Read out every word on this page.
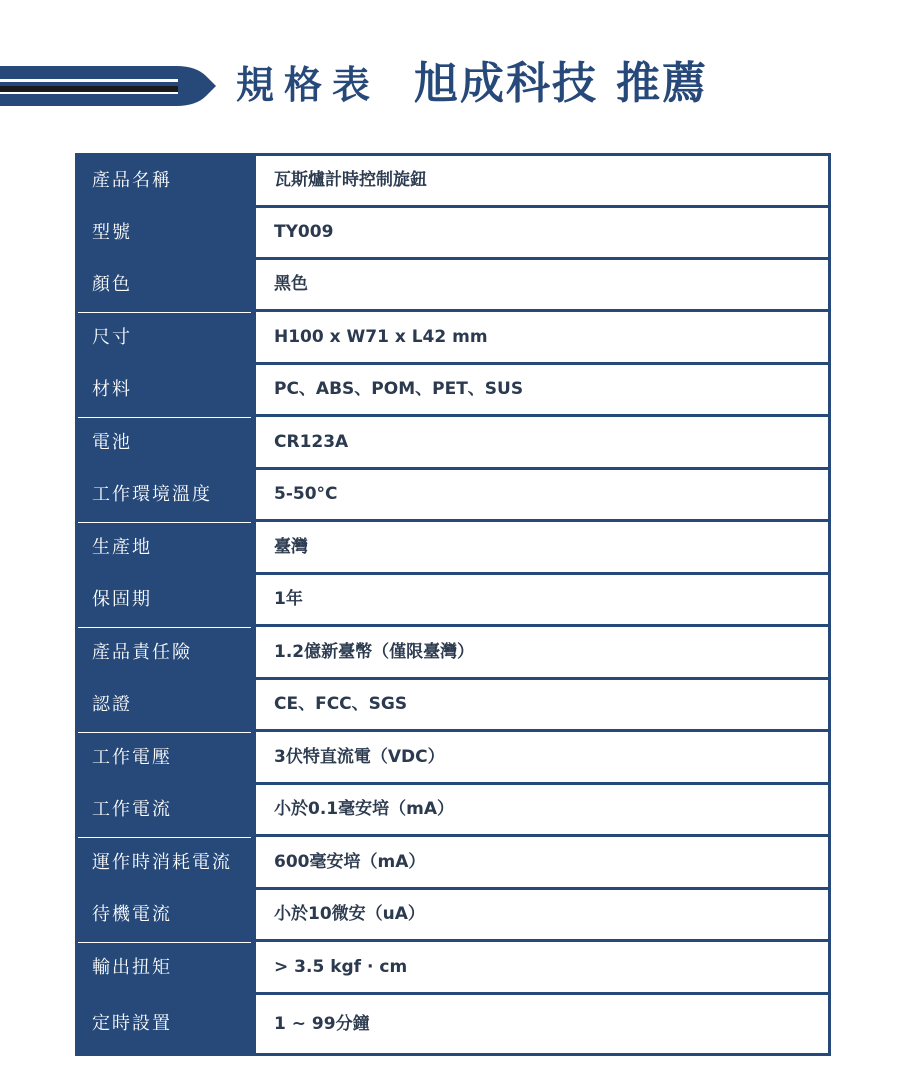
規格表 旭成科技 推薦
產品名稱	瓦斯爐計時控制旋鈕
型號	TY009
顏色	黑色
尺寸	H100 x W71 x L42 mm
材料	PC、ABS、POM、PET、SUS
電池	CR123A
工作環境溫度	5-50°C
生產地	臺灣
保固期	1年
產品責任險	1.2億新臺幣（僅限臺灣）
認證	CE、FCC、SGS
工作電壓	3伏特直流電（VDC）
工作電流	小於0.1毫安培（mA）
運作時消耗電流	600毫安培（mA）
待機電流	小於10微安（uA）
輸出扭矩	> 3.5 kgf · cm
定時設置	1 ~ 99分鐘
